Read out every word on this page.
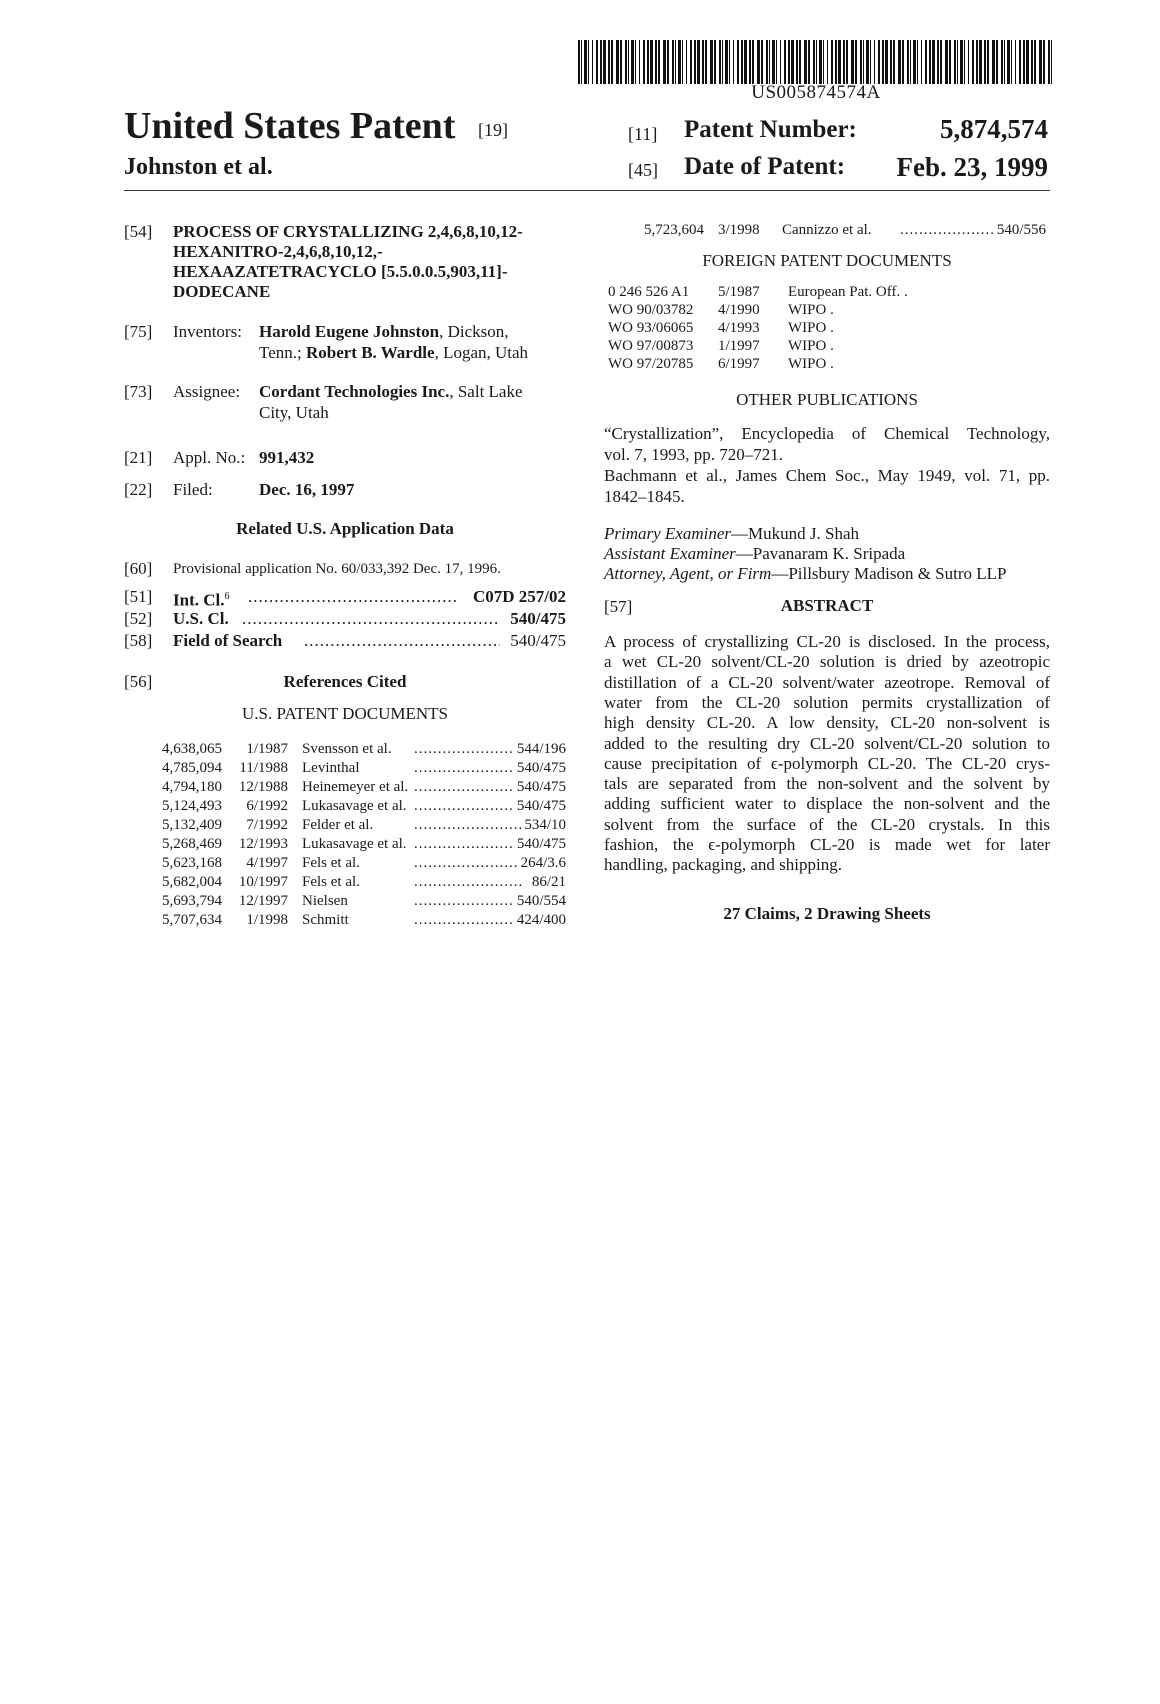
US005874574A
United States Patent [19]
Johnston et al.
[11] Patent Number:	5,874,574
[45] Date of Patent: Feb. 23, 1999
[54] PROCESS OF CRYSTALLIZING 2,4,6,8,10,12-
HEXANITRO-2,4,6,8,10,12,-
HEXAAZATETRACYCLO [5.5.0.0.5,903,11]-
DODECANE
[75] Inventors: Harold Eugene Johnston, Dickson,
Tenn.; Robert B. Wardle, Logan, Utah
[73] Assignee: Cordant Technologies Inc., Salt Lake
City, Utah
[21] Appl. No.: 991,432
[22] Filed:	Dec. 16, 1997
Related U.S. Application Data
[60] Provisional application No. 60/033,392 Dec. 17, 1996.
[51] Int. Cl.$^6$ .....	C07D 257/02
[52] U.S. Cl. .....	540/475
[58] Field of Search .....	540/475
[56]	References Cited
U.S. PATENT DOCUMENTS
4,638,065	1/1987 Svensson et al. .....	544/196
4,785,094	11/1988 Levinthal .....	540/475
4,794,180	12/1988 Heinemeyer et al. .....	540/475
5,124,493	6/1992 Lukasavage et al. .....	540/475
5,132,409	7/1992 Felder et al. .....	534/10
5,268,469	12/1993 Lukasavage et al. .....	540/475
5,623,168	4/1997 Fels et al. .....	264/3.6
5,682,004	10/1997 Fels et al. .....	86/21
5,693,794	12/1997 Nielsen .....	540/554
5,707,634	1/1998 Schmitt .....	424/400
5,723,604 3/1998 Cannizzo et al. .....	540/556
FOREIGN PATENT DOCUMENTS
0 246 526 A1 5/1987 European Pat. Off. .
WO 90/03782 4/1990 WIPO .
WO 93/06065 4/1993 WIPO .
WO 97/00873 1/1997 WIPO .
WO 97/20785 6/1997 WIPO .
OTHER PUBLICATIONS
“Crystallization”, Encyclopedia of Chemical Technology,
vol. 7, 1993, pp. 720–721.
Bachmann et al., James Chem Soc., May 1949, vol. 71, pp.
1842–1845.
Primary Examiner—Mukund J. Shah
Assistant Examiner—Pavanaram K. Sripada
Attorney, Agent, or Firm—Pillsbury Madison & Sutro LLP
[57]	ABSTRACT
A process of crystallizing CL-20 is disclosed. In the process,
a wet CL-20 solvent/CL-20 solution is dried by azeotropic
distillation of a CL-20 solvent/water azeotrope. Removal of
water from the CL-20 solution permits crystallization of
high density CL-20. A low density, CL-20 non-solvent is
added to the resulting dry CL-20 solvent/CL-20 solution to
cause precipitation of ϵ-polymorph CL-20. The CL-20 crys-
tals are separated from the non-solvent and the solvent by
adding sufficient water to displace the non-solvent and the
solvent from the surface of the CL-20 crystals. In this
fashion, the ϵ-polymorph CL-20 is made wet for later
handling, packaging, and shipping.
27 Claims, 2 Drawing Sheets
